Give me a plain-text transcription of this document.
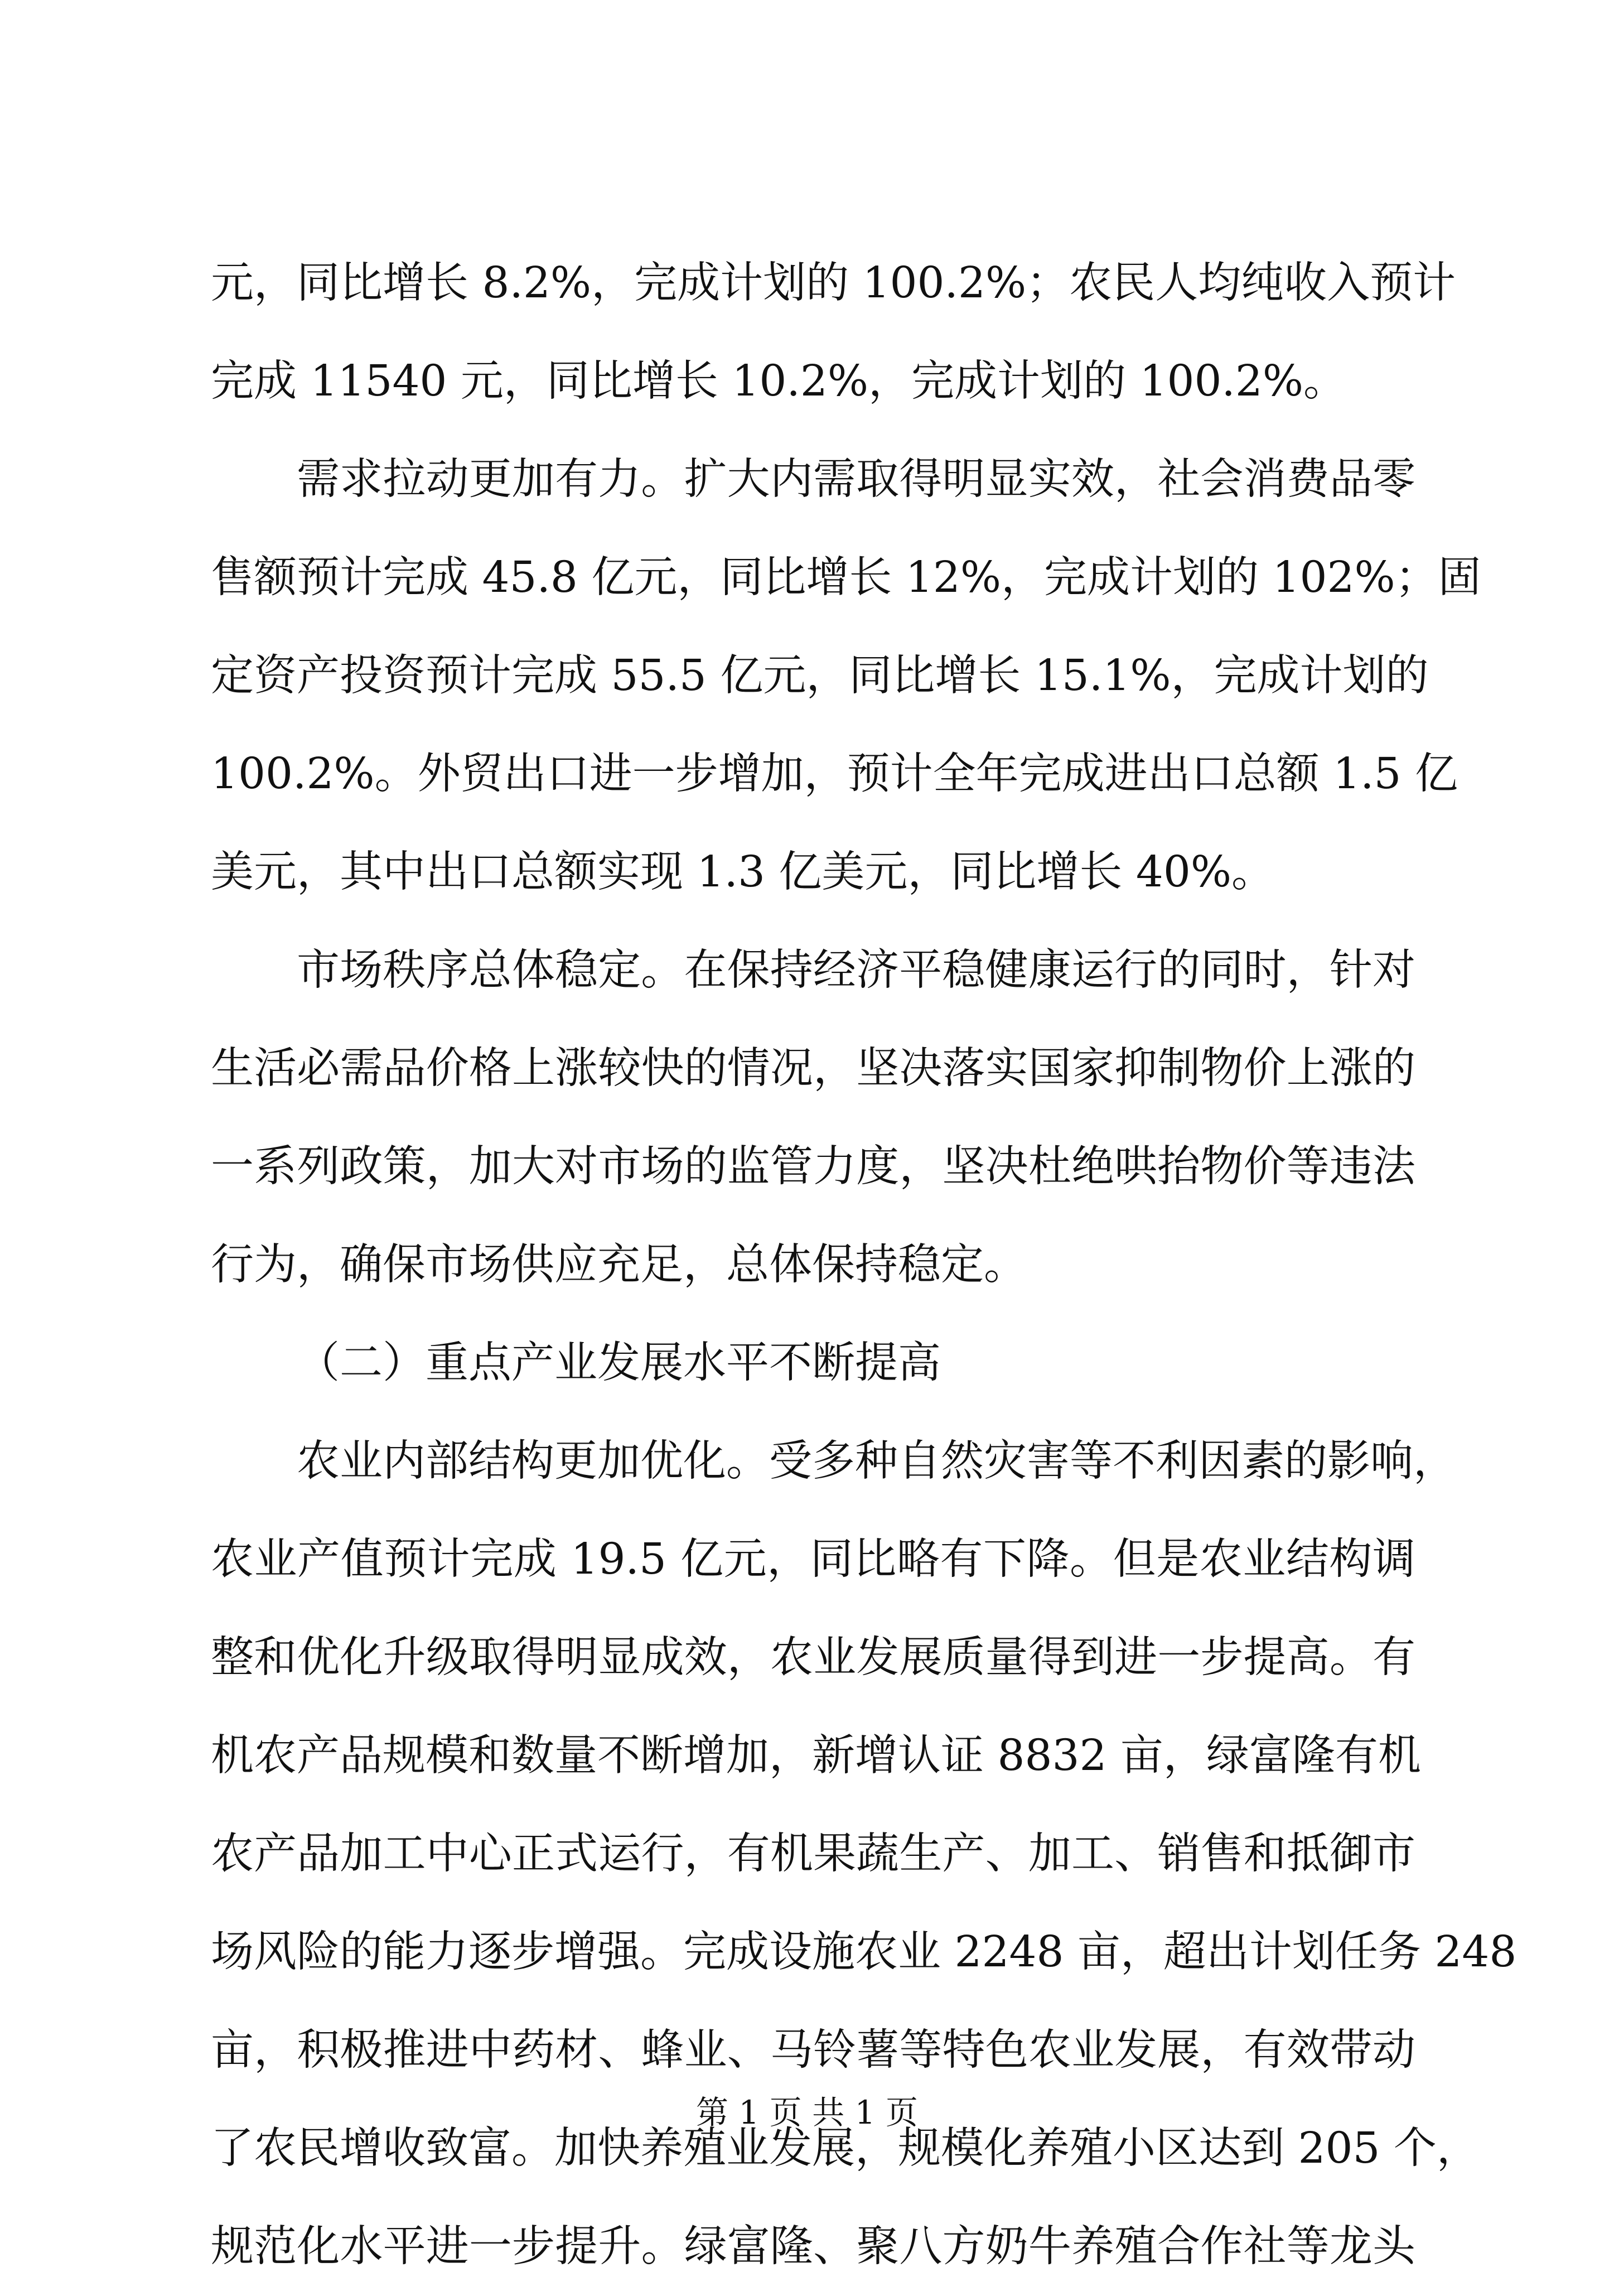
元，同比增长 8.2%，完成计划的 100.2%；农民人均纯收入预计
完成 11540 元，同比增长 10.2%，完成计划的 100.2%。
需求拉动更加有力。扩大内需取得明显实效，社会消费品零
售额预计完成 45.8 亿元，同比增长 12%，完成计划的 102%；固
定资产投资预计完成 55.5 亿元，同比增长 15.1%，完成计划的
100.2%。外贸出口进一步增加，预计全年完成进出口总额 1.5 亿
美元，其中出口总额实现 1.3 亿美元，同比增长 40%。
市场秩序总体稳定。在保持经济平稳健康运行的同时，针对
生活必需品价格上涨较快的情况，坚决落实国家抑制物价上涨的
一系列政策，加大对市场的监管力度，坚决杜绝哄抬物价等违法
行为，确保市场供应充足，总体保持稳定。
（二）重点产业发展水平不断提高
农业内部结构更加优化。受多种自然灾害等不利因素的影响，
农业产值预计完成 19.5 亿元，同比略有下降。但是农业结构调
整和优化升级取得明显成效，农业发展质量得到进一步提高。有
机农产品规模和数量不断增加，新增认证 8832 亩，绿富隆有机
农产品加工中心正式运行，有机果蔬生产、加工、销售和抵御市
场风险的能力逐步增强。完成设施农业 2248 亩，超出计划任务 248
亩，积极推进中药材、蜂业、马铃薯等特色农业发展，有效带动
了农民增收致富。加快养殖业发展，规模化养殖小区达到 205 个，
规范化水平进一步提升。绿富隆、聚八方奶牛养殖合作社等龙头
第 1 页 共 1 页
